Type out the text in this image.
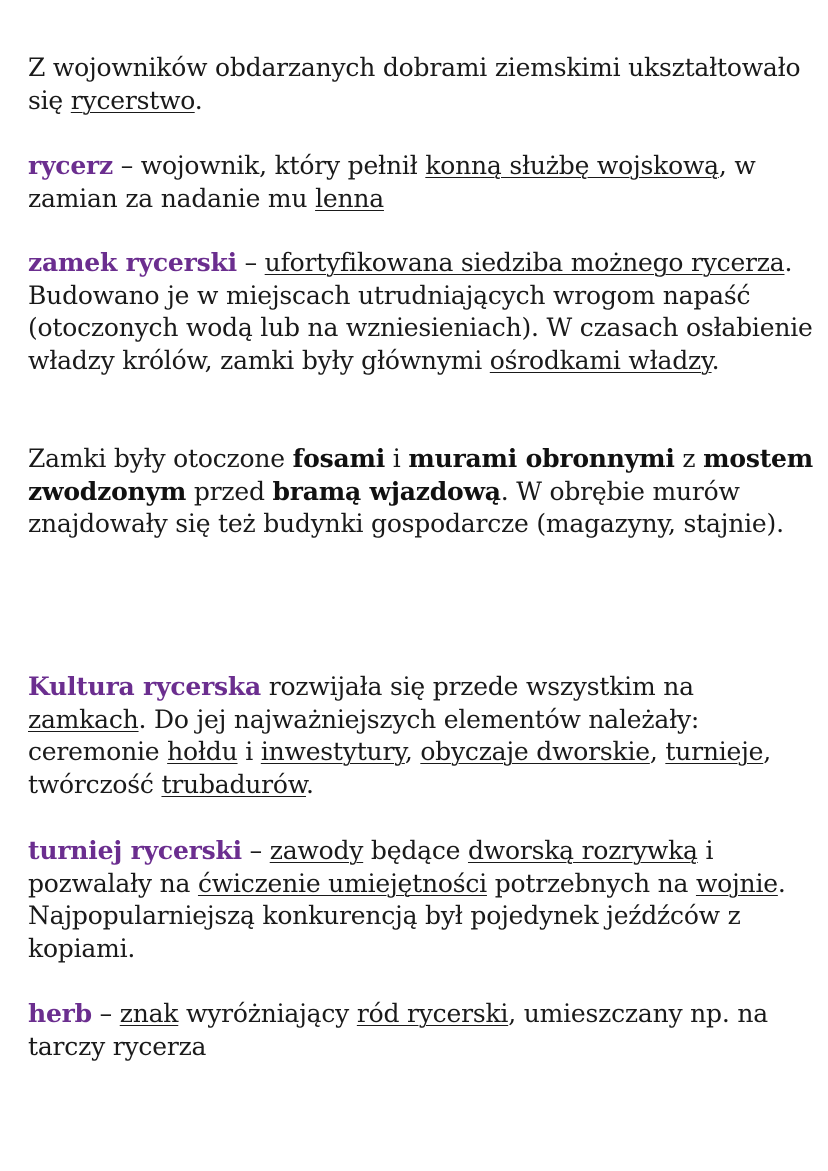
Z wojowników obdarzanych dobrami ziemskimi ukształtowało się rycerstwo.

rycerz – wojownik, który pełnił konną służbę wojskową, w zamian za nadanie mu lenna

zamek rycerski – ufortyfikowana siedziba możnego rycerza. Budowano je w miejscach utrudniających wrogom napaść (otoczonych wodą lub na wzniesieniach). W czasach osłabienie władzy królów, zamki były głównymi ośrodkami władzy.

Zamki były otoczone fosami i murami obronnymi z mostem zwodzonym przed bramą wjazdową. W obrębie murów znajdowały się też budynki gospodarcze (magazyny, stajnie).

Kultura rycerska rozwijała się przede wszystkim na zamkach. Do jej najważniejszych elementów należały: ceremonie hołdu i inwestytury, obyczaje dworskie, turnieje, twórczość trubadurów.

turniej rycerski – zawody będące dworską rozrywką i pozwalały na ćwiczenie umiejętności potrzebnych na wojnie. Najpopularniejszą konkurencją był pojedynek jeźdźców z kopiami.

herb – znak wyróżniający ród rycerski, umieszczany np. na tarczy rycerza
